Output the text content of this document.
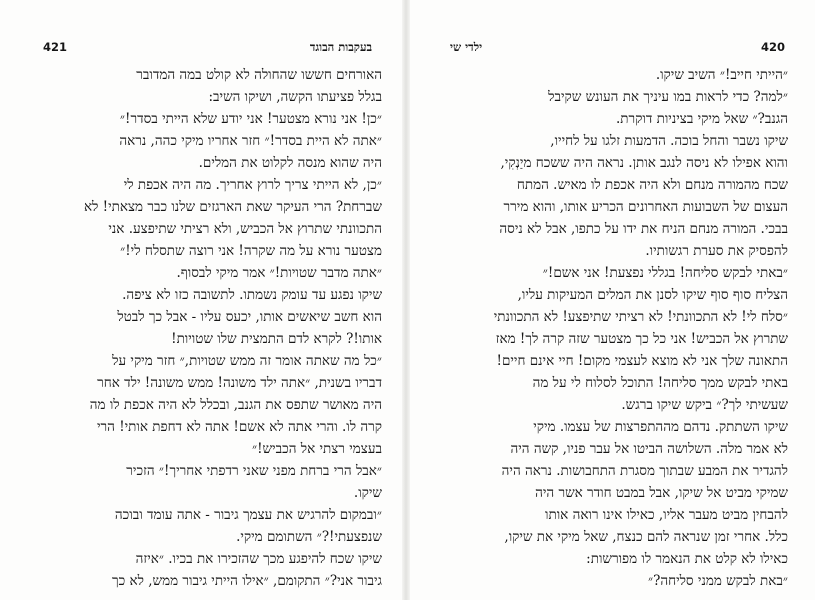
421	בעקבות הבוגד
האורחים חששו שהחולה לא קולט במה המדובר
בגלל פציעתו הקשה, ושיקו השיב:
״כן! אני נורא מצטער! אני יודע שלא הייתי בסדר!״
״אתה לא היית בסדר!״ חזר אחריו מיקי כהה, נראה
היה שהוא מנסה לקלוט את המלים.
״כן, לא הייתי צריך לרוץ אחריך. מה היה אכפת לי
שברחת? הרי העיקר שאת הארגזים שלנו כבר מצאתי! לא
התכוונתי שתרוץ אל הכביש, ולא רציתי שתיפצע. אני
מצטער נורא על מה שקרה! אני רוצה שתסלח לי!״
״אתה מדבר שטויות!״ אמר מיקי לבסוף.
שיקו נפגע עד עומק נשמתו. לתשובה כזו לא ציפה.
הוא חשב שיאשים אותו, יכעס עליו - אבל כך לבטל
אותו!? לקרא לדם התמצית שלו שטויות!
״כל מה שאתה אומר זה ממש שטויות,״ חזר מיקי על
דבריו בשנית, ״אתה ילד משונה! ממש משונה! ילד אחר
היה מאושר שתפס את הגנב, ובכלל לא היה אכפת לו מה
קרה לו. והרי אתה לא אשם! אתה לא דחפת אותי! הרי
בעצמי רצתי אל הכביש!״
״אבל הרי ברחת מפני שאני רדפתי אחריך!״ הזכיר
שיקו.
״ובמקום להרגיש את עצמך גיבור - אתה עומד ובוכה
שנפצעתי!?״ השתומם מיקי.
שיקו שכח להיפגע מכך שהזכירו את בכיו. ״איזה
גיבור אני?״ התקומם, ״אילו הייתי גיבור ממש, לא כך
ילדי שי	420
״הייתי חייב!״ השיב שיקו.
״למה? כדי לראות במו עיניך את העונש שקיבל
הגנב?״ שאל מיקי בציניות דוקרת.
שיקו נשבר והחל בוכה. הדמעות זלגו על לחייו,
והוא אפילו לא ניסה לנגב אותן. נראה היה ששכח מיַנְקִי,
שכח מהמורה מנחם ולא היה אכפת לו מאיש. המתח
העצום של השבועות האחרונים הכריע אותו, והוא מירר
בבכי. המורה מנחם הניח את ידו על כתפו, אבל לא ניסה
להפסיק את סערת רגשותיו.
״באתי לבקש סליחה! בגללי נפצעת! אני אשם!״
הצליח סוף סוף שיקו לסנן את המלים המעיקות עליו,
״סלח לי! לא התכוונתי! לא רציתי שתיפצע! לא התכוונתי
שתרוץ אל הכביש! אני כל כך מצטער שזה קרה לך! מאז
התאונה שלך אני לא מוצא לעצמי מקום! חיי אינם חיים!
באתי לבקש ממך סליחה! התוכל לסלוח לי על מה
שעשיתי לך?״ ביקש שיקו ברגש.
שיקו השתתק. נדהם מההתפרצות של עצמו. מיקי
לא אמר מלה. השלושה הביטו אל עבר פניו, קשה היה
להגדיר את המבע שבתוך מסגרת התחבושות. נראה היה
שמיקי מביט אל שיקו, אבל במבט חודר אשר היה
להבחין מביט מעבר אליו, כאילו אינו רואה אותו
כלל. אחרי זמן שנראה להם כנצח, שאל מיקי את שיקו,
כאילו לא קלט את הנאמר לו מפורשות:
״באת לבקש ממני סליחה?״
